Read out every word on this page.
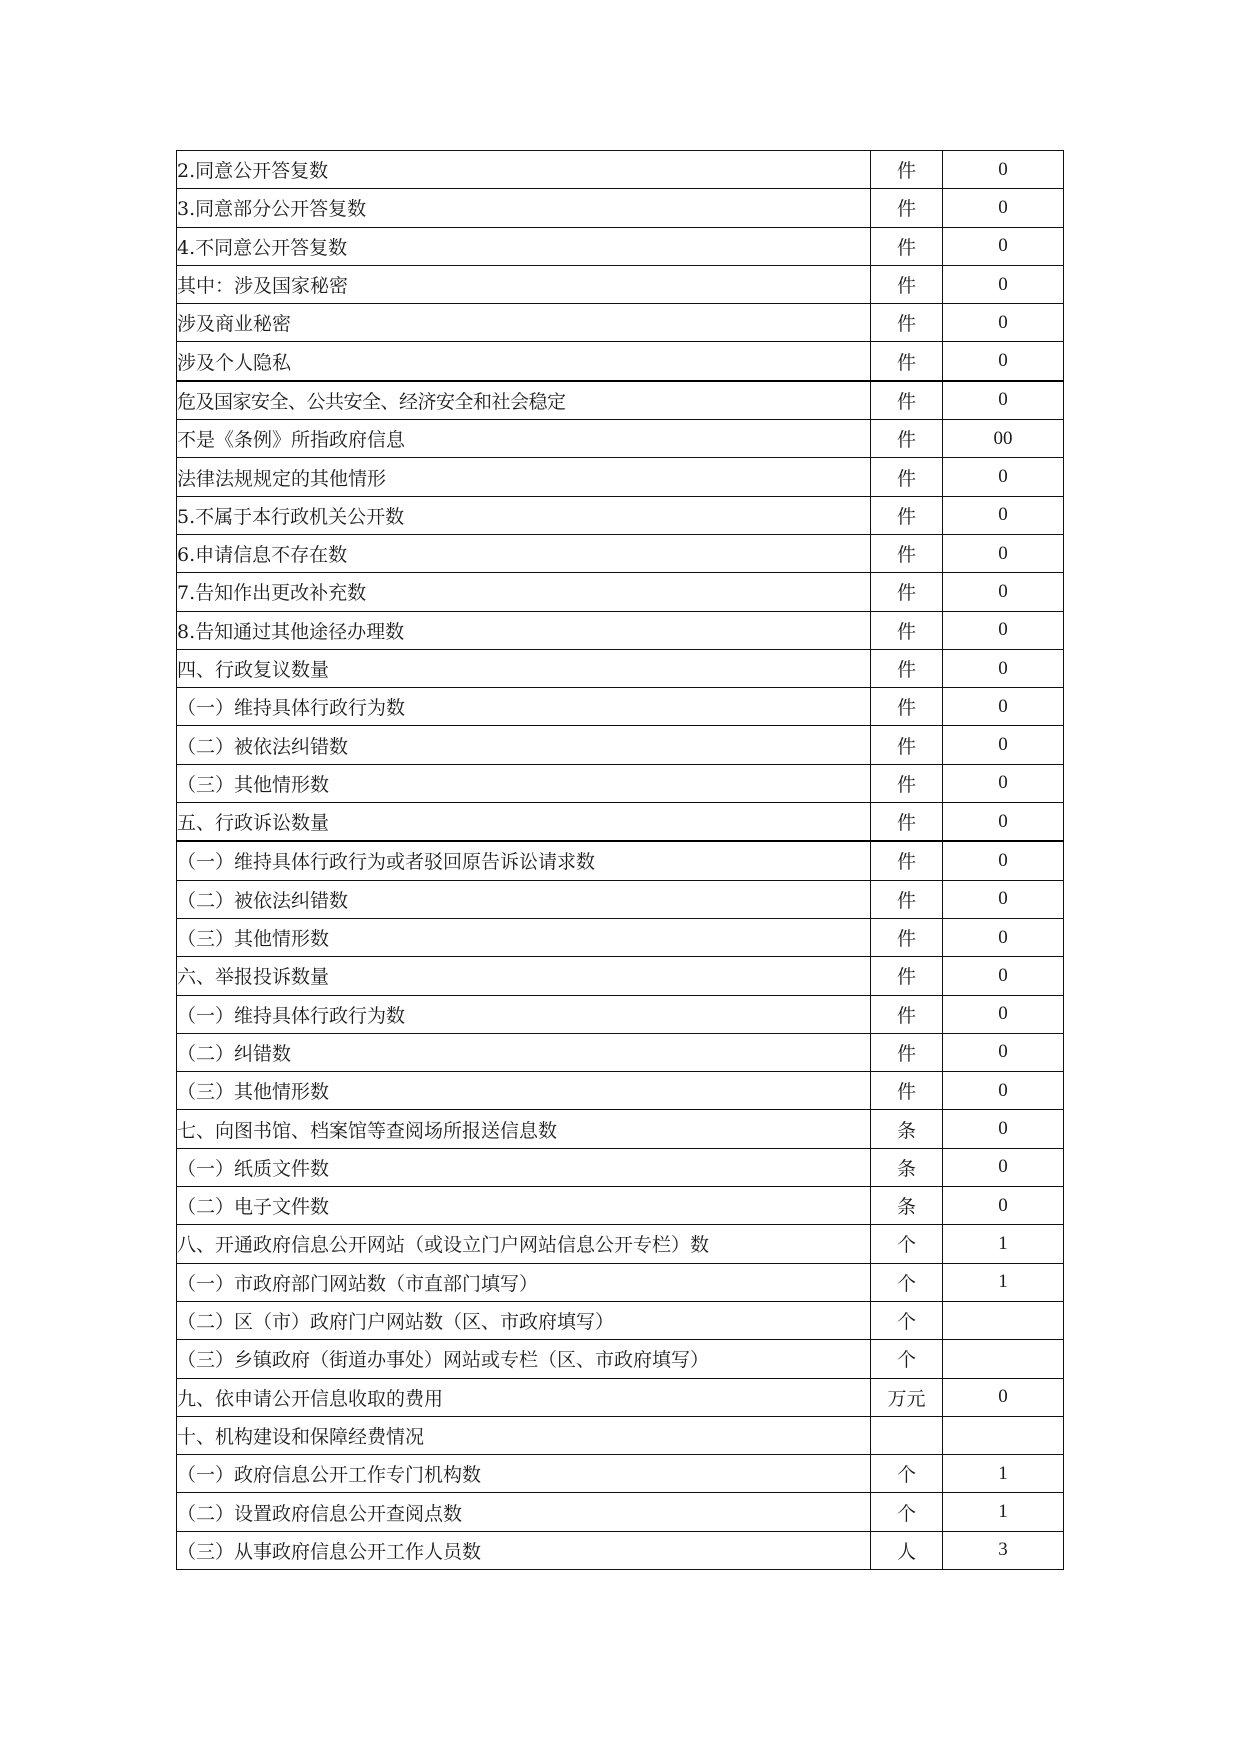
2.同意公开答复数	件	0
3.同意部分公开答复数	件	0
4.不同意公开答复数	件	0
其中：涉及国家秘密	件	0
涉及商业秘密	件	0
涉及个人隐私	件	0
危及国家安全、公共安全、经济安全和社会稳定	件	0
不是《条例》所指政府信息	件	00
法律法规规定的其他情形	件	0
5.不属于本行政机关公开数	件	0
6.申请信息不存在数	件	0
7.告知作出更改补充数	件	0
8.告知通过其他途径办理数	件	0
四、行政复议数量	件	0
（一）维持具体行政行为数	件	0
（二）被依法纠错数	件	0
（三）其他情形数	件	0
五、行政诉讼数量	件	0
（一）维持具体行政行为或者驳回原告诉讼请求数	件	0
（二）被依法纠错数	件	0
（三）其他情形数	件	0
六、举报投诉数量	件	0
（一）维持具体行政行为数	件	0
（二）纠错数	件	0
（三）其他情形数	件	0
七、向图书馆、档案馆等查阅场所报送信息数	条	0
（一）纸质文件数	条	0
（二）电子文件数	条	0
八、开通政府信息公开网站（或设立门户网站信息公开专栏）数	个	1
（一）市政府部门网站数（市直部门填写）	个	1
（二）区（市）政府门户网站数（区、市政府填写）	个	
（三）乡镇政府（街道办事处）网站或专栏（区、市政府填写）	个	
九、依申请公开信息收取的费用	万元	0
十、机构建设和保障经费情况		
（一）政府信息公开工作专门机构数	个	1
（二）设置政府信息公开查阅点数	个	1
（三）从事政府信息公开工作人员数	人	3
